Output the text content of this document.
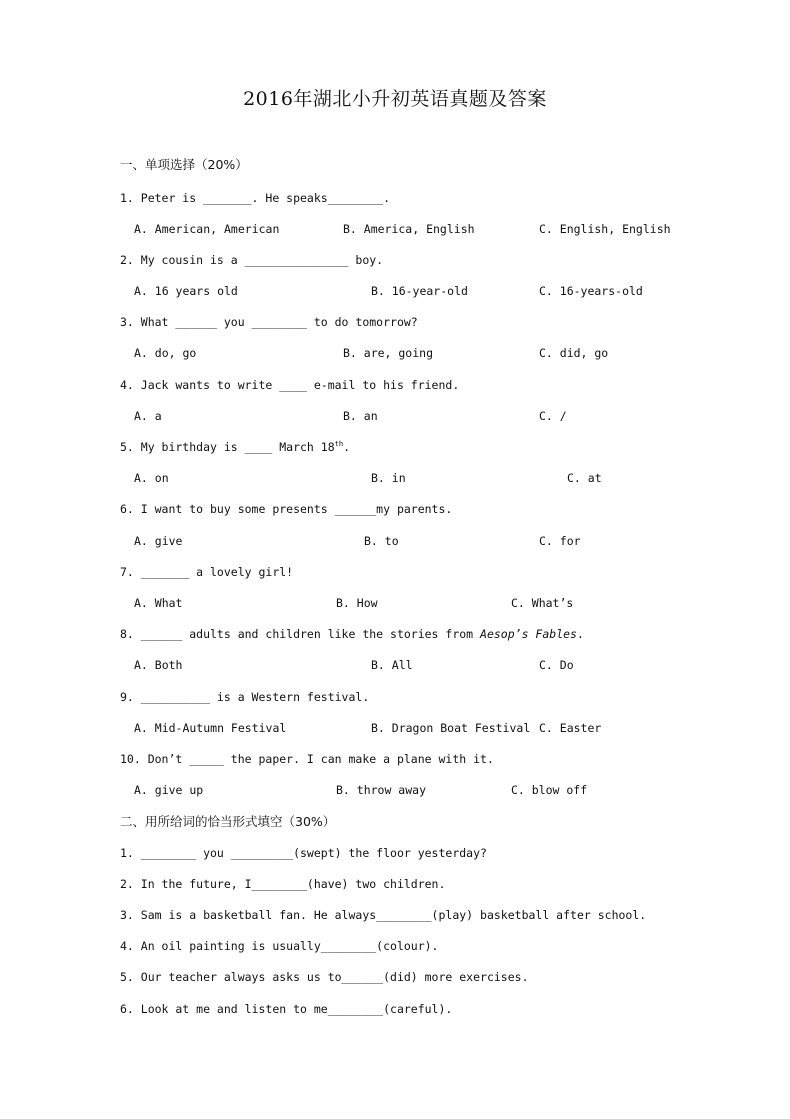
2016年湖北小升初英语真题及答案
一、单项选择（20%）
1. Peter is _______. He speaks________.
A. American, American	B. America, English	C. English, English
2. My cousin is a _______________ boy.
A. 16 years old	B. 16-year-old	C. 16-years-old
3. What ______ you ________ to do tomorrow?
A. do, go	B. are, going	C. did, go
4. Jack wants to write ____ e-mail to his friend.
A. a	B. an	C. /
5. My birthday is ____ March 18th.
A. on	B. in	C. at
6. I want to buy some presents ______my parents.
A. give	B. to	C. for
7. _______ a lovely girl!
A. What	B. How	C. What’s
8. ______ adults and children like the stories from Aesop’s Fables.
A. Both	B. All	C. Do
9. __________ is a Western festival.
A. Mid-Autumn Festival	B. Dragon Boat Festival C. Easter
10. Don’t _____ the paper. I can make a plane with it.
A. give up	B. throw away	C. blow off
二、用所给词的恰当形式填空（30%）
1. ________ you _________(swept) the floor yesterday?
2. In the future, I________(have) two children.
3. Sam is a basketball fan. He always________(play) basketball after school.
4. An oil painting is usually________(colour).
5. Our teacher always asks us to______(did) more exercises.
6. Look at me and listen to me________(careful).
